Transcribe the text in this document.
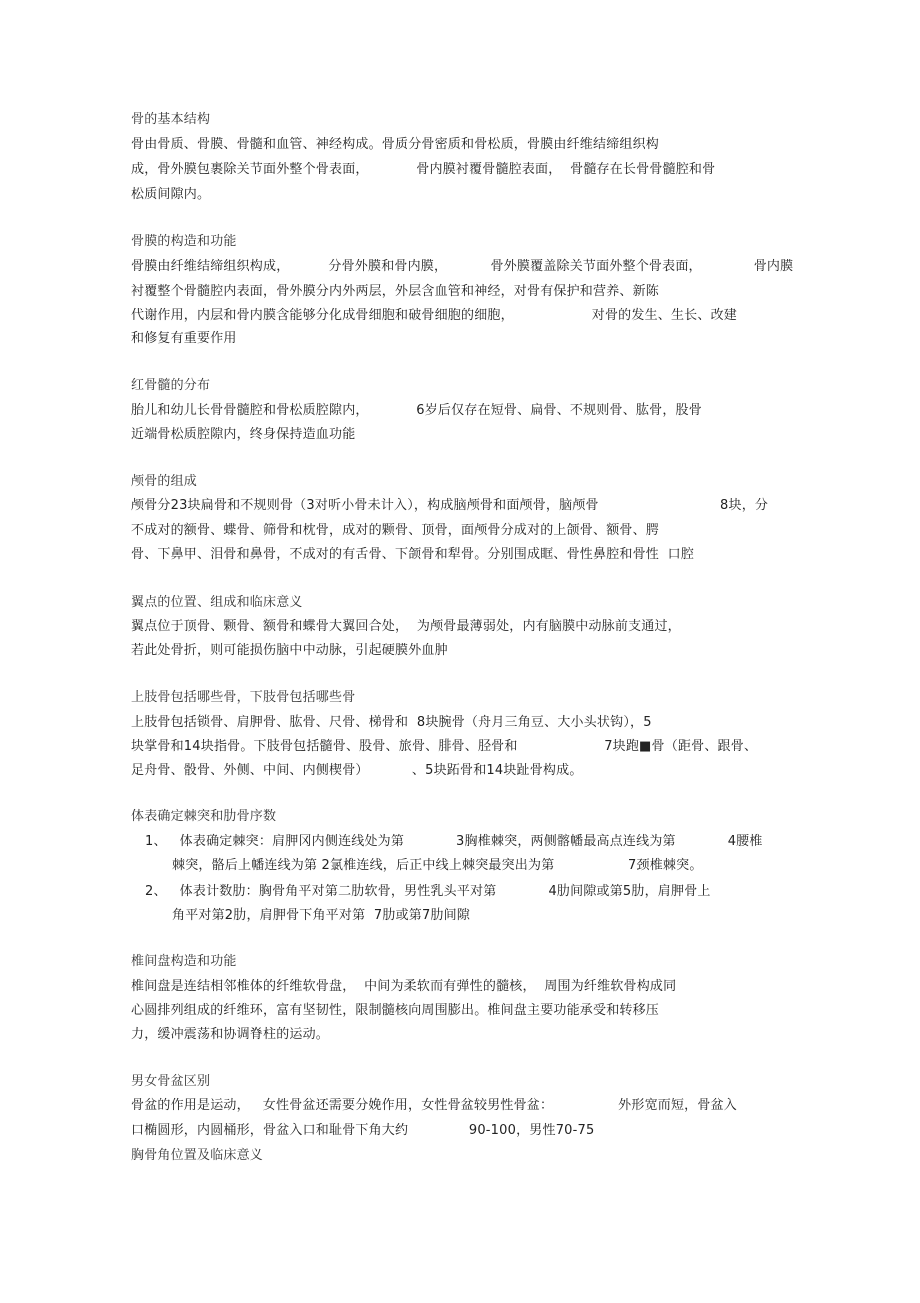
骨的基本结构
骨由骨质、骨膜、骨髓和血管、神经构成。骨质分骨密质和骨松质，骨膜由纤维结缔组织构
成，骨外膜包裹除关节面外整个骨表面，           骨内膜衬覆骨髓腔表面，  骨髓存在长骨骨髓腔和骨
松质间隙内。
骨膜的构造和功能
骨膜由纤维结缔组织构成，         分骨外膜和骨内膜，          骨外膜覆盖除关节面外整个骨表面，            骨内膜
衬覆整个骨髓腔内表面，骨外膜分内外两层，外层含血管和神经，对骨有保护和营养、新陈
代谢作用，内层和骨内膜含能够分化成骨细胞和破骨细胞的细胞，                  对骨的发生、生长、改建
和修复有重要作用
红骨髓的分布
胎儿和幼儿长骨骨髓腔和骨松质腔隙内，           6岁后仅存在短骨、扁骨、不规则骨、肱骨，股骨
近端骨松质腔隙内，终身保持造血功能
颅骨的组成
颅骨分23块扁骨和不规则骨（3对听小骨未计入），构成脑颅骨和面颅骨，脑颅骨                            8块，分
不成对的额骨、蝶骨、筛骨和枕骨，成对的颗骨、顶骨，面颅骨分成对的上颌骨、额骨、腭
骨、下鼻甲、泪骨和鼻骨，不成对的有舌骨、下颌骨和犁骨。分别围成眶、骨性鼻腔和骨性  口腔
翼点的位置、组成和临床意义
翼点位于顶骨、颗骨、额骨和蝶骨大翼回合处，  为颅骨最薄弱处，内有脑膜中动脉前支通过，
若此处骨折，则可能损伤脑中中动脉，引起硬膜外血肿
上肢骨包括哪些骨，下肢骨包括哪些骨
上肢骨包括锁骨、肩胛骨、肱骨、尺骨、梯骨和  8块腕骨（舟月三角豆、大小头状钩），5
块掌骨和14块指骨。下肢骨包括髓骨、股骨、旅骨、腓骨、胫骨和                    7块跑■骨（距骨、跟骨、
足舟骨、骰骨、外侧、中间、内侧楔骨）          、5块跖骨和14块趾骨构成。
体表确定棘突和肋骨序数
1、   体表确定棘突：肩胛冈内侧连线处为第            3胸椎棘突，两侧髂幡最高点连线为第            4腰椎
棘突，骼后上幡连线为第 2氯椎连线，后正中线上棘突最突出为第                 7颈椎棘突。
2、   体表计数肋：胸骨角平对第二肋软骨，男性乳头平对第            4肋间隙或第5肋，肩胛骨上
角平对第2肋，肩胛骨下角平对第  7肋或第7肋间隙
椎间盘构造和功能
椎间盘是连结相邻椎体的纤维软骨盘，  中间为柔软而有弹性的髓核，  周围为纤维软骨构成同
心圆排列组成的纤维环，富有坚韧性，限制髓核向周围膨出。椎间盘主要功能承受和转移压
力，缓冲震荡和协调脊柱的运动。
男女骨盆区别
骨盆的作用是运动，   女性骨盆还需要分娩作用，女性骨盆较男性骨盆：               外形宽而短，骨盆入
口椭圆形，内圆桶形，骨盆入口和耻骨下角大约              90-100，男性70-75
胸骨角位置及临床意义
